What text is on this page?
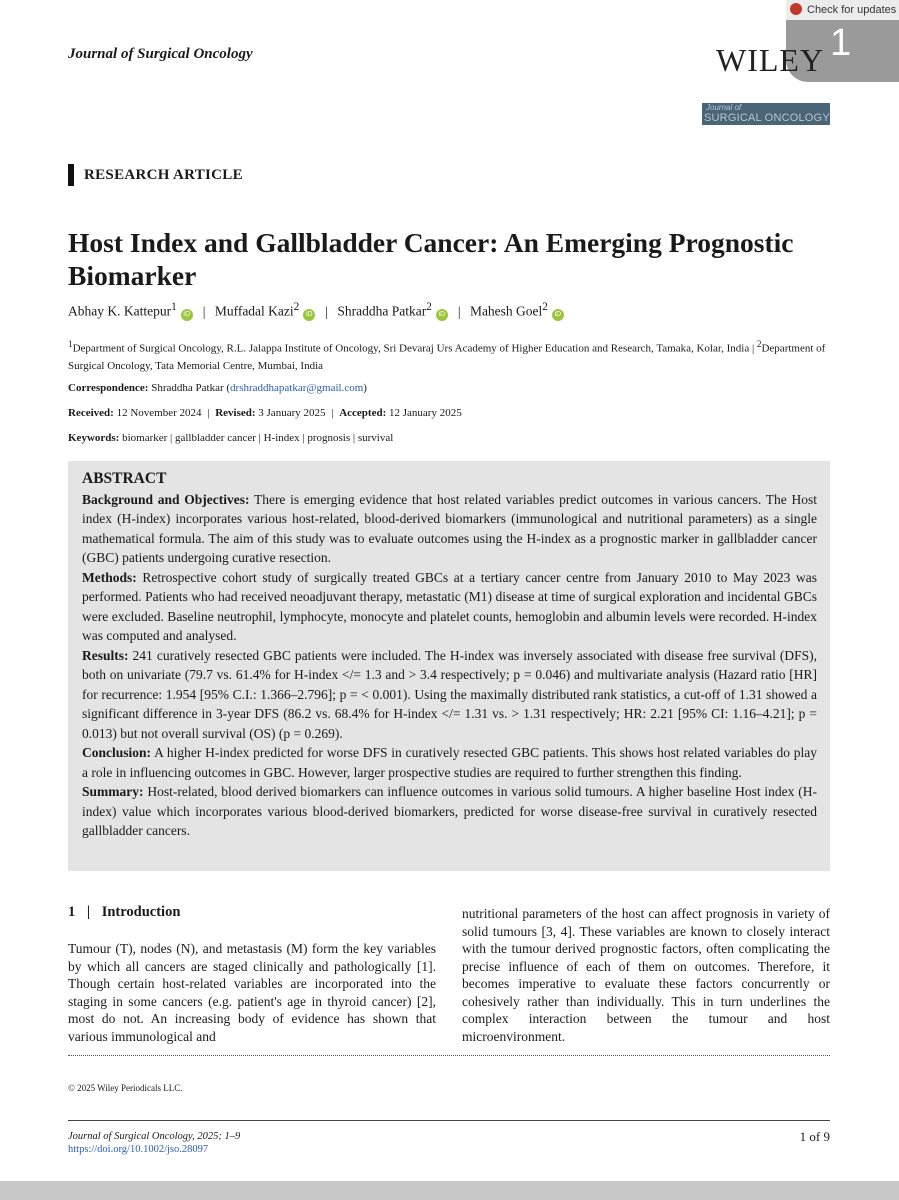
Journal of Surgical Oncology
Check for updates
1
WILEY
Journal of
SURGICAL ONCOLOGY
RESEARCH ARTICLE
Host Index and Gallbladder Cancer: An Emerging Prognostic Biomarker
Abhay K. Kattepur$^1$iD | Muffadal Kazi$^2$iD | Shraddha Patkar$^2$iD | Mahesh Goel$^2$iD
$^1$Department of Surgical Oncology, R.L. Jalappa Institute of Oncology, Sri Devaraj Urs Academy of Higher Education and Research, Tamaka, Kolar, India | $^2$Department of Surgical Oncology, Tata Memorial Centre, Mumbai, India
Correspondence: Shraddha Patkar (drshraddhapatkar@gmail.com)
Received: 12 November 2024 | Revised: 3 January 2025 | Accepted: 12 January 2025
Keywords: biomarker | gallbladder cancer | H-index | prognosis | survival
ABSTRACT

Background and Objectives: There is emerging evidence that host related variables predict outcomes in various cancers. The Host index (H-index) incorporates various host-related, blood-derived biomarkers (immunological and nutritional parameters) as a single mathematical formula. The aim of this study was to evaluate outcomes using the H-index as a prognostic marker in gallbladder cancer (GBC) patients undergoing curative resection.

Methods: Retrospective cohort study of surgically treated GBCs at a tertiary cancer centre from January 2010 to May 2023 was performed. Patients who had received neoadjuvant therapy, metastatic (M1) disease at time of surgical exploration and incidental GBCs were excluded. Baseline neutrophil, lymphocyte, monocyte and platelet counts, hemoglobin and albumin levels were recorded. H-index was computed and analysed.

Results: 241 curatively resected GBC patients were included. The H-index was inversely associated with disease free survival (DFS), both on univariate (79.7 vs. 61.4% for H-index </= 1.3 and > 3.4 respectively; p = 0.046) and multivariate analysis (Hazard ratio [HR] for recurrence: 1.954 [95% C.I.: 1.366–2.796]; p = < 0.001). Using the maximally distributed rank statistics, a cut-off of 1.31 showed a significant difference in 3-year DFS (86.2 vs. 68.4% for H-index </= 1.31 vs. > 1.31 respectively; HR: 2.21 [95% CI: 1.16–4.21]; p = 0.013) but not overall survival (OS) (p = 0.269).

Conclusion: A higher H-index predicted for worse DFS in curatively resected GBC patients. This shows host related variables do play a role in influencing outcomes in GBC. However, larger prospective studies are required to further strengthen this finding.

Summary: Host-related, blood derived biomarkers can influence outcomes in various solid tumours. A higher baseline Host index (H-index) value which incorporates various blood-derived biomarkers, predicted for worse disease-free survival in curatively resected gallbladder cancers.

1 | Introduction

Tumour (T), nodes (N), and metastasis (M) form the key variables by which all cancers are staged clinically and pathologically [1]. Though certain host-related variables are incorporated into the staging in some cancers (e.g. patient's age in thyroid cancer) [2], most do not. An increasing body of evidence has shown that various immunological and

nutritional parameters of the host can affect prognosis in variety of solid tumours [3, 4]. These variables are known to closely interact with the tumour derived prognostic factors, often complicating the precise influence of each of them on outcomes. Therefore, it becomes imperative to evaluate these factors concurrently or cohesively rather than individually. This in turn underlines the complex interaction between the tumour and host microenvironment.

© 2025 Wiley Periodicals LLC.
Journal of Surgical Oncology, 2025; 1–9
https://doi.org/10.1002/jso.28097
1 of 9
